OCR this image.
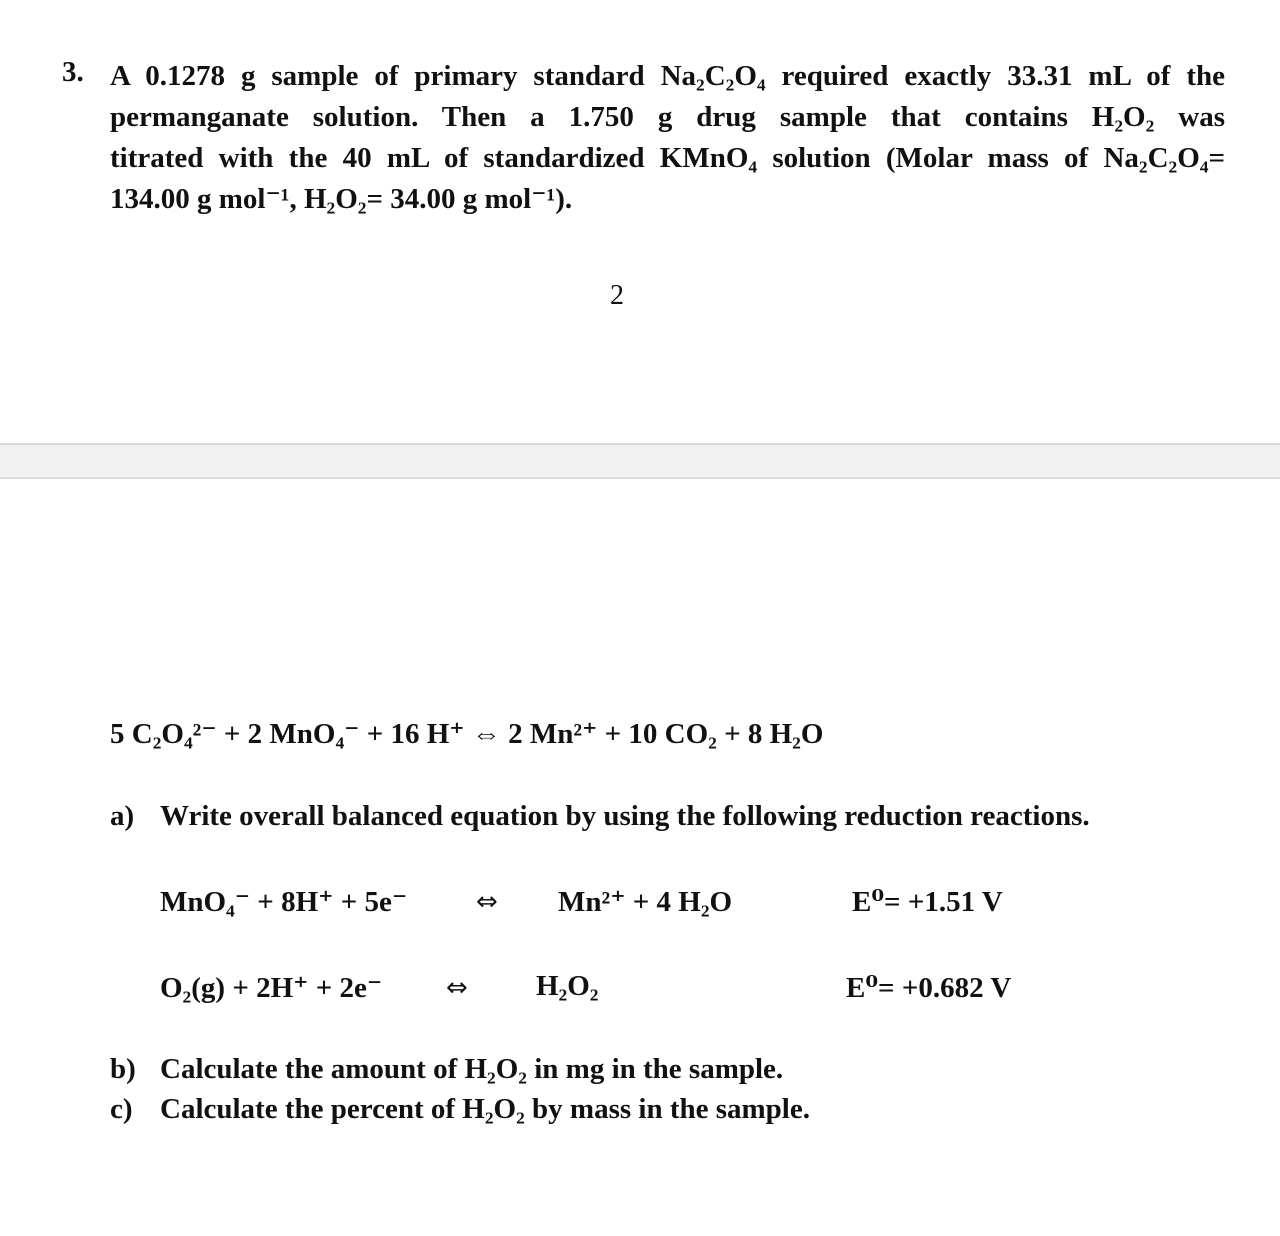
3. A 0.1278 g sample of primary standard Na₂C₂O₄ required exactly 33.31 mL of the
permanganate solution. Then a 1.750 g drug sample that contains H₂O₂ was
titrated with the 40 mL of standardized KMnO₄ solution (Molar mass of Na₂C₂O₄=
134.00 g mol⁻¹, H₂O₂= 34.00 g mol⁻¹).
2
5 C₂O₄²⁻ + 2 MnO₄⁻ + 16 H⁺ ⇔ 2 Mn²⁺ + 10 CO₂ + 8 H₂O
a) Write overall balanced equation by using the following reduction reactions.
MnO₄⁻ + 8H⁺ + 5e⁻	⇔ Mn²⁺ + 4 H₂O	E⁰= +1.51 V
O₂(g) + 2H⁺ + 2e⁻ ⇔ H₂O₂	E⁰= +0.682 V
b) Calculate the amount of H₂O₂ in mg in the sample.
c) Calculate the percent of H₂O₂ by mass in the sample.
